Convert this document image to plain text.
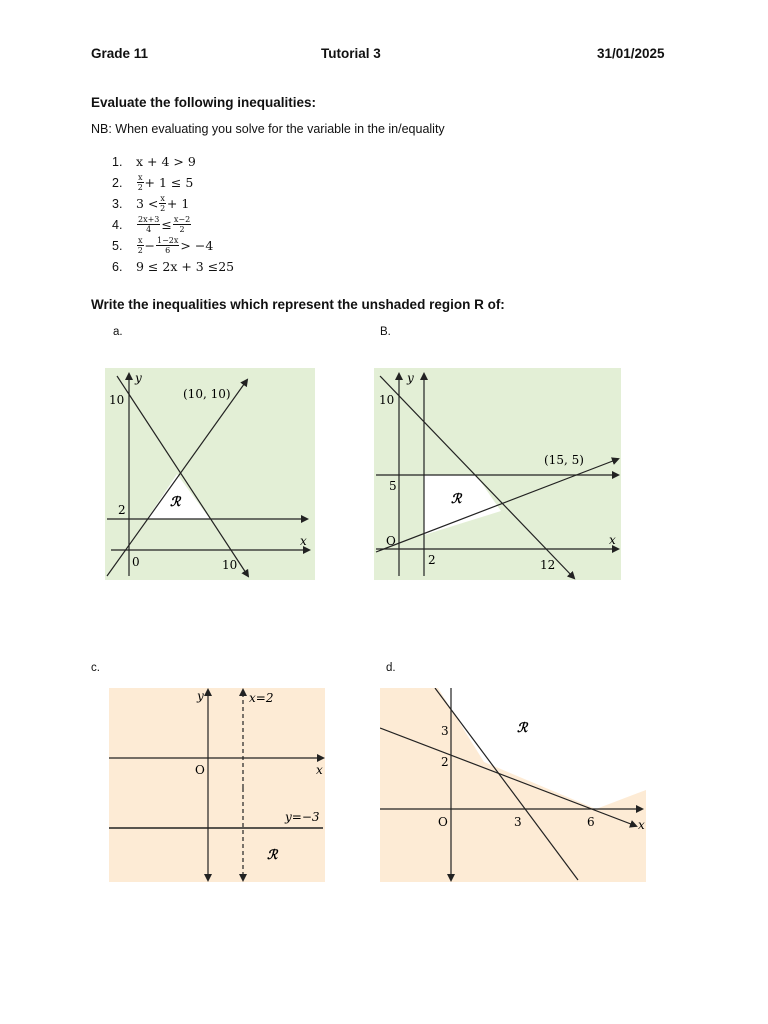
Grade 11	Tutorial 3	31/01/2025
Evaluate the following inequalities:
NB: When evaluating you solve for the variable in the in/equality
1.	x + 4 > 9
2.	$\frac{x}{2} + 1 \le 5$
3.	$3 < \frac{x}{2} + 1$
4.	$\frac{2x+3}{4} \le \frac{x-2}{2}$
5.	$\frac{x}{2} - \frac{1-2x}{6} > -4$
6.	9 ≤ 2x + 3 ≤25
Write the inequalities which represent the unshaded region R of:
a.	B.
c.	d.
y
x
(10, 10)
10
2
0	10
ℛ
y
x
(15, 5)
10
5
O
2	12
ℛ
y
x
x=2
y=−3
O
ℛ
x
3
2
O	3	6
ℛ
